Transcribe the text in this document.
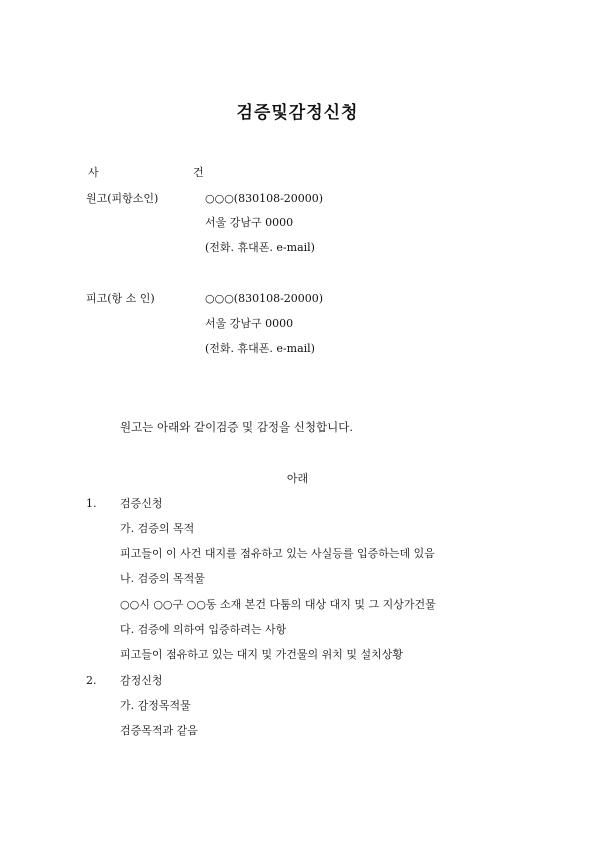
검증및감정신청
사	건
원고(피항소인)	○○○(830108-20000)
서울 강남구 0000
(전화. 휴대폰. e-mail)
피고(항 소 인)	○○○(830108-20000)
서울 강남구 0000
(전화. 휴대폰. e-mail)
원고는 아래와 같이검증 및 감정을 신청합니다.
아래
1. 검증신청
가. 검증의 목적
피고들이 이 사건 대지를 점유하고 있는 사실등를 입증하는데 있음
나. 검증의 목적물
○○시 ○○구 ○○동 소재 본건 다툼의 대상 대지 및 그 지상가건물
다. 검증에 의하여 입증하려는 사항
피고들이 점유하고 있는 대지 및 가건물의 위치 및 설치상황
2. 감정신청
가. 감정목적물
검증목적과 같음
